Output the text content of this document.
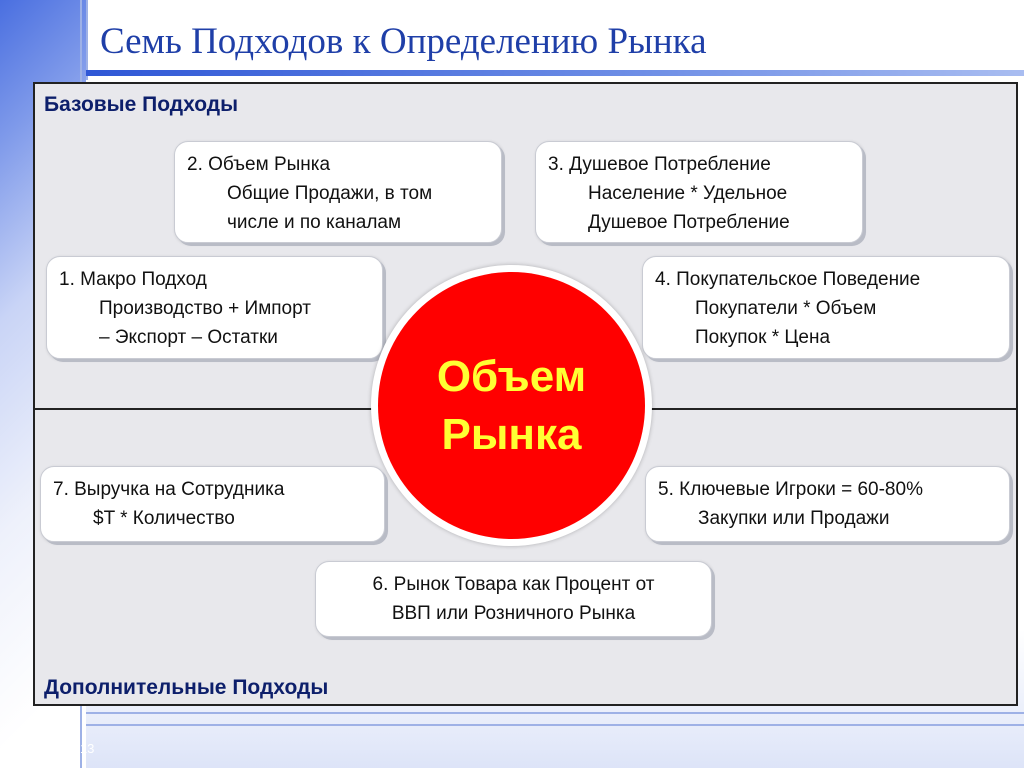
Семь Подходов к Определению Рынка
Базовые Подходы
Дополнительные Подходы
2. Объем Рынка
Общие Продажи, в том
числе и по каналам
3. Душевое Потребление
Население * Удельное
Душевое Потребление
1. Макро Подход
Производство + Импорт
– Экспорт – Остатки
4. Покупательское Поведение
Покупатели * Объем
Покупок * Цена
7. Выручка на Сотрудника
$T * Количество
5. Ключевые Игроки = 60-80%
Закупки или Продажи
6. Рынок Товара как Процент от
ВВП или Розничного Рынка
Объем
Рынка
- 13
